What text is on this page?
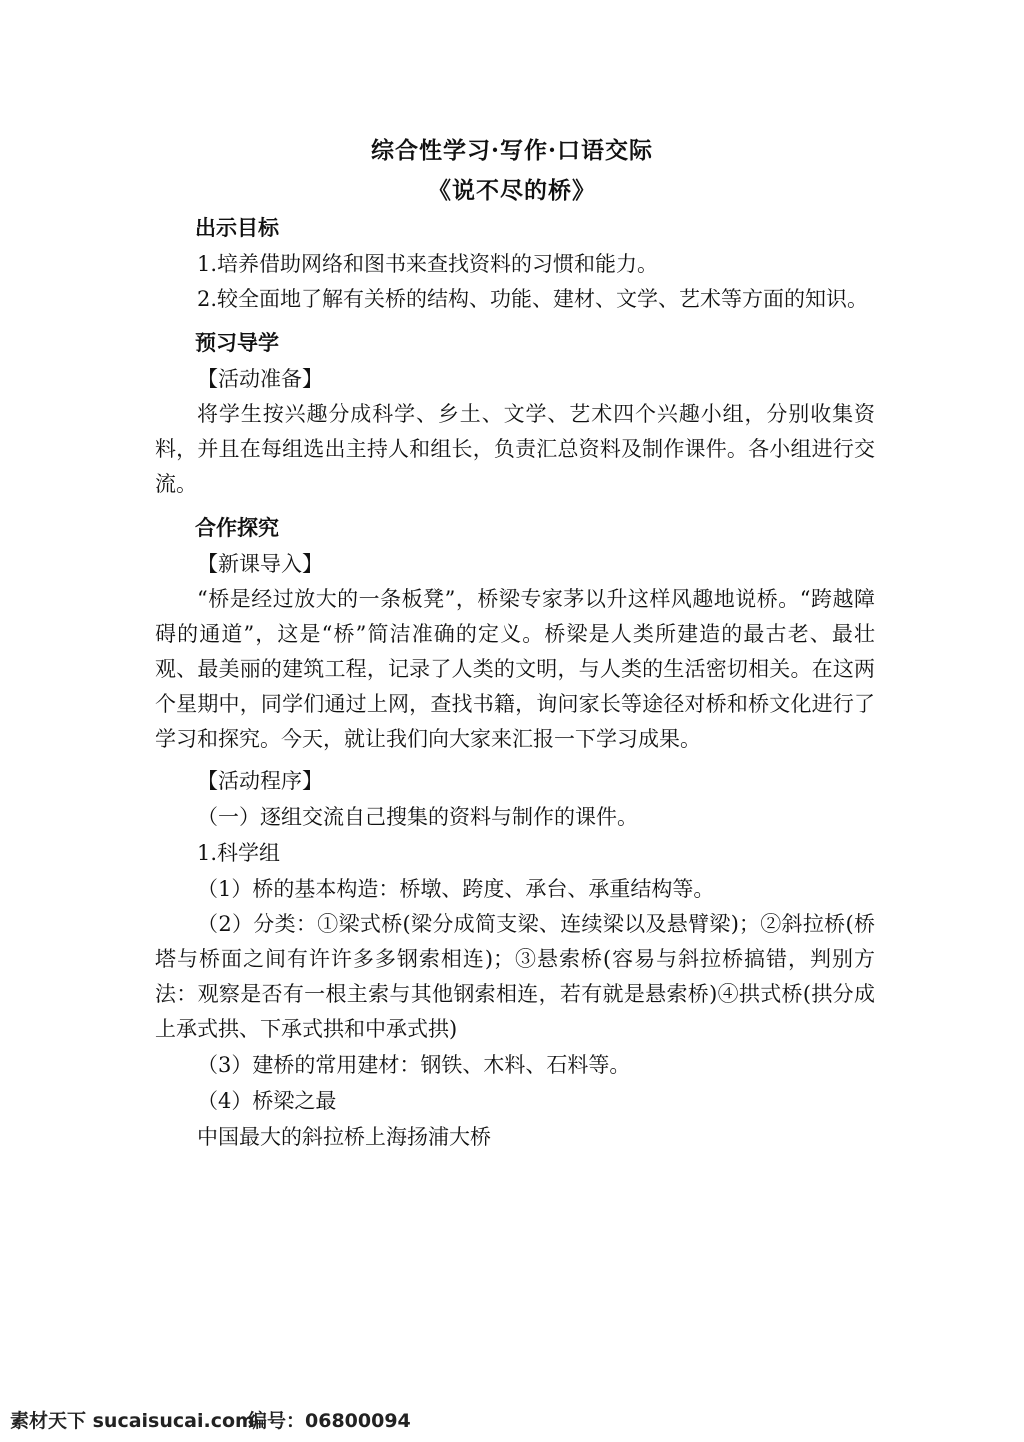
综合性学习·写作·口语交际
《说不尽的桥》
出示目标
1.培养借助网络和图书来查找资料的习惯和能力。

2.较全面地了解有关桥的结构、功能、建材、文学、艺术等方面的知识。

预习导学
【活动准备】

将学生按兴趣分成科学、乡土、文学、艺术四个兴趣小组，分别收集资料，并且在每组选出主持人和组长，负责汇总资料及制作课件。各小组进行交流。

合作探究
【新课导入】

“桥是经过放大的一条板凳”，桥梁专家茅以升这样风趣地说桥。“跨越障碍的通道”，这是“桥”简洁准确的定义。桥梁是人类所建造的最古老、最壮观、最美丽的建筑工程，记录了人类的文明，与人类的生活密切相关。在这两个星期中，同学们通过上网，查找书籍，询问家长等途径对桥和桥文化进行了学习和探究。今天，就让我们向大家来汇报一下学习成果。

【活动程序】
（一）逐组交流自己搜集的资料与制作的课件。
1.科学组
（1）桥的基本构造：桥墩、跨度、承台、承重结构等。

（2）分类：①梁式桥(梁分成简支梁、连续梁以及悬臂梁)；②斜拉桥(桥塔与桥面之间有许许多多钢索相连)；③悬索桥(容易与斜拉桥搞错，判别方法：观察是否有一根主索与其他钢索相连，若有就是悬索桥)④拱式桥(拱分成上承式拱、下承式拱和中承式拱)

（3）建桥的常用建材：钢铁、木料、石料等。
（4）桥梁之最
中国最大的斜拉桥上海扬浦大桥
素材天下 sucaisucai.com
编号：06800094
